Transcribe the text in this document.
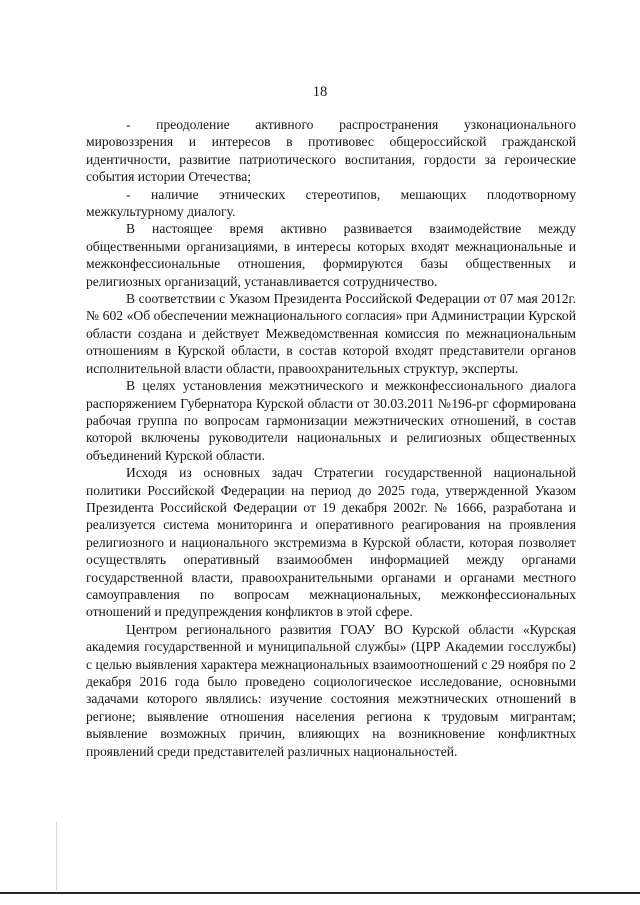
18

- преодоление активного распространения узконационального мировоззрения и интересов в противовес общероссийской гражданской идентичности, развитие патриотического воспитания, гордости за героические события истории Отечества;

- наличие этнических стереотипов, мешающих плодотворному межкультурному диалогу.

В настоящее время активно развивается взаимодействие между общественными организациями, в интересы которых входят межнациональные и межконфессиональные отношения, формируются базы общественных и религиозных организаций, устанавливается сотрудничество.

В соответствии с Указом Президента Российской Федерации от 07 мая 2012г. № 602 «Об обеспечении межнационального согласия» при Администрации Курской области создана и действует Межведомственная комиссия по межнациональным отношениям в Курской области, в состав которой входят представители органов исполнительной власти области, правоохранительных структур, эксперты.

В целях установления межэтнического и межконфессионального диалога распоряжением Губернатора Курской области от 30.03.2011 №196-рг сформирована рабочая группа по вопросам гармонизации межэтнических отношений, в состав которой включены руководители национальных и религиозных общественных объединений Курской области.

Исходя из основных задач Стратегии государственной национальной политики Российской Федерации на период до 2025 года, утвержденной Указом Президента Российской Федерации от 19 декабря 2002г. № 1666, разработана и реализуется система мониторинга и оперативного реагирования на проявления религиозного и национального экстремизма в Курской области, которая позволяет осуществлять оперативный взаимообмен информацией между органами государственной власти, правоохранительными органами и органами местного самоуправления по вопросам межнациональных, межконфессиональных отношений и предупреждения конфликтов в этой сфере.

Центром регионального развития ГОАУ ВО Курской области «Курская академия государственной и муниципальной службы» (ЦРР Академии госслужбы) с целью выявления характера межнациональных взаимоотношений с 29 ноября по 2 декабря 2016 года было проведено социологическое исследование, основными задачами которого являлись: изучение состояния межэтнических отношений в регионе; выявление отношения населения региона к трудовым мигрантам; выявление возможных причин, влияющих на возникновение конфликтных проявлений среди представителей различных национальностей.
